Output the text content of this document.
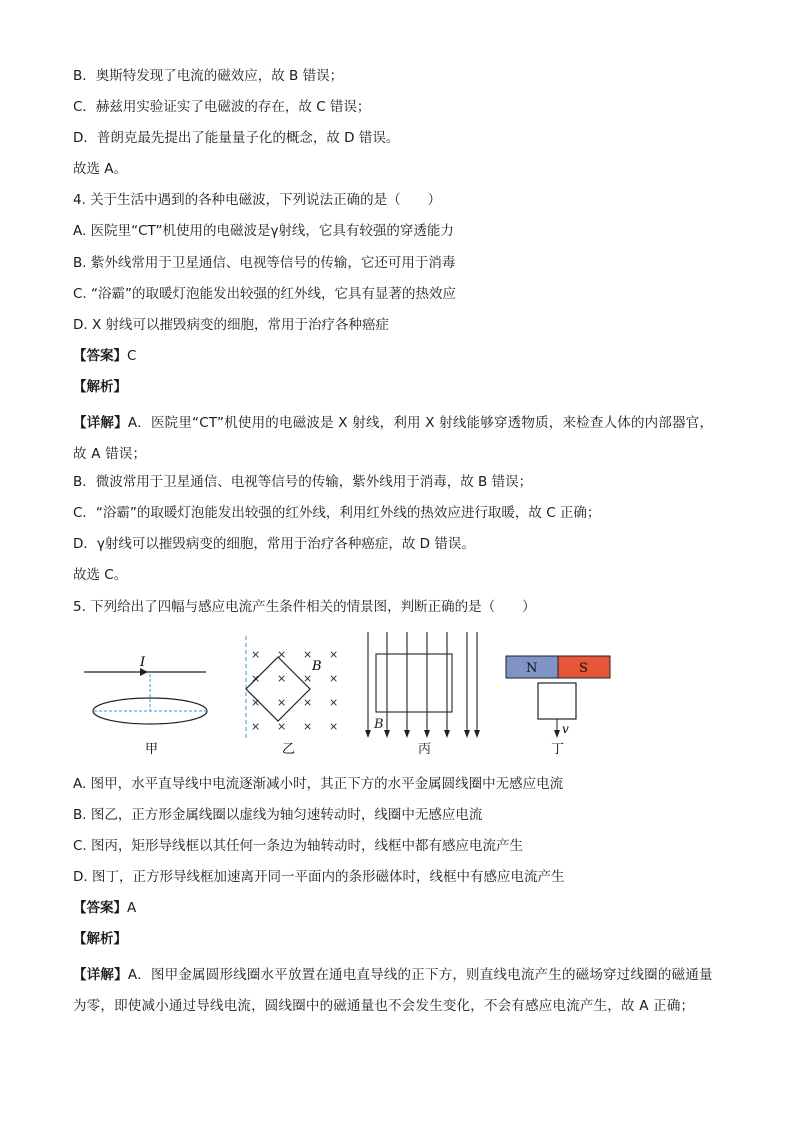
B．奥斯特发现了电流的磁效应，故 B 错误；
C．赫兹用实验证实了电磁波的存在，故 C 错误；
D．普朗克最先提出了能量量子化的概念，故 D 错误。
故选 A。
4. 关于生活中遇到的各种电磁波，下列说法正确的是（　　）
A. 医院里“CT”机使用的电磁波是γ射线，它具有较强的穿透能力
B. 紫外线常用于卫星通信、电视等信号的传输，它还可用于消毒
C. “浴霸”的取暖灯泡能发出较强的红外线，它具有显著的热效应
D. X 射线可以摧毁病变的细胞，常用于治疗各种癌症
【答案】C
【解析】
【详解】A．医院里“CT”机使用的电磁波是 X 射线，利用 X 射线能够穿透物质，来检查人体的内部器官，故 A 错误；
B．微波常用于卫星通信、电视等信号的传输，紫外线用于消毒，故 B 错误；
C．“浴霸”的取暖灯泡能发出较强的红外线，利用红外线的热效应进行取暖，故 C 正确；
D．γ射线可以摧毁病变的细胞，常用于治疗各种癌症，故 D 错误。
故选 C。
5. 下列给出了四幅与感应电流产生条件相关的情景图，判断正确的是（　　）
I
甲
B
× × × ×
× × × ×
× × × ×
× × × ×
乙
B
丙
N	S
v
丁
A. 图甲，水平直导线中电流逐渐减小时，其正下方的水平金属圆线圈中无感应电流
B. 图乙，正方形金属线圈以虚线为轴匀速转动时，线圈中无感应电流
C. 图丙，矩形导线框以其任何一条边为轴转动时，线框中都有感应电流产生
D. 图丁，正方形导线框加速离开同一平面内的条形磁体时，线框中有感应电流产生
【答案】A
【解析】
【详解】A．图甲金属圆形线圈水平放置在通电直导线的正下方，则直线电流产生的磁场穿过线圈的磁通量为零，即使减小通过导线电流，圆线圈中的磁通量也不会发生变化，不会有感应电流产生，故 A 正确；
